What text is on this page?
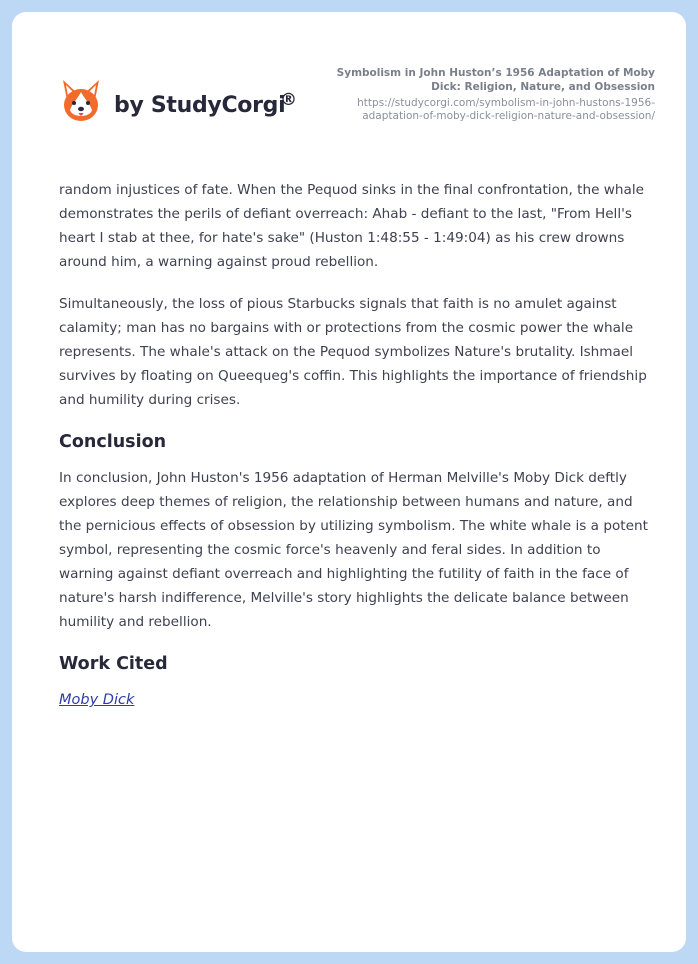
by StudyCorgi
®
Symbolism in John Huston’s 1956 Adaptation of Moby Dick: Religion, Nature, and Obsession
https://studycorgi.com/symbolism-in-john-hustons-1956-adaptation-of-moby-dick-religion-nature-and-obsession/

random injustices of fate. When the Pequod sinks in the final confrontation, the whale demonstrates the perils of defiant overreach: Ahab - defiant to the last, "From Hell's heart I stab at thee, for hate's sake" (Huston 1:48:55 - 1:49:04) as his crew drowns around him, a warning against proud rebellion.

Simultaneously, the loss of pious Starbucks signals that faith is no amulet against calamity; man has no bargains with or protections from the cosmic power the whale represents. The whale's attack on the Pequod symbolizes Nature's brutality. Ishmael survives by floating on Queequeg's coffin. This highlights the importance of friendship and humility during crises.

Conclusion

In conclusion, John Huston's 1956 adaptation of Herman Melville's Moby Dick deftly explores deep themes of religion, the relationship between humans and nature, and the pernicious effects of obsession by utilizing symbolism. The white whale is a potent symbol, representing the cosmic force's heavenly and feral sides. In addition to warning against defiant overreach and highlighting the futility of faith in the face of nature's harsh indifference, Melville's story highlights the delicate balance between humility and rebellion.

Work Cited

Moby Dick
